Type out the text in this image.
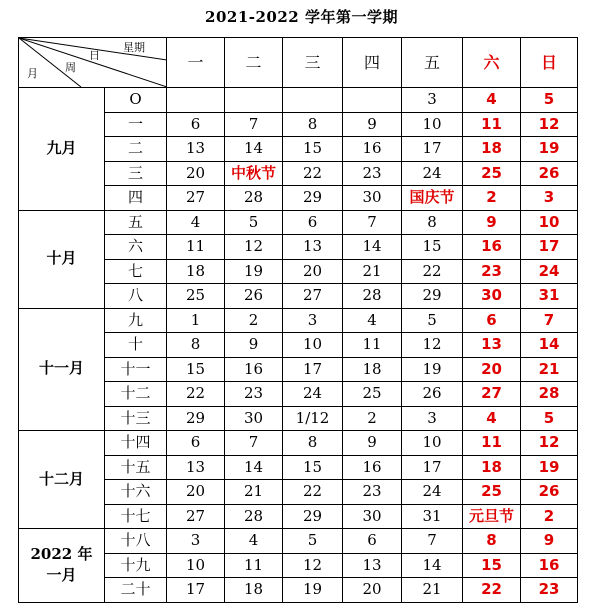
2021-2022 学年第一学期
星期
日
周
月		一	二	三	四	五	六	日
九月	O					3	4	5
	一	6	7	8	9	10	11	12
	二	13	14	15	16	17	18	19
	三	20	中秋节	22	23	24	25	26
	四	27	28	29	30	国庆节	2	3
十月	五	4	5	6	7	8	9	10
	六	11	12	13	14	15	16	17
	七	18	19	20	21	22	23	24
	八	25	26	27	28	29	30	31
十一月	九	1	2	3	4	5	6	7
	十	8	9	10	11	12	13	14
	十一	15	16	17	18	19	20	21
	十二	22	23	24	25	26	27	28
	十三	29	30	1/12	2	3	4	5
十二月	十四	6	7	8	9	10	11	12
	十五	13	14	15	16	17	18	19
	十六	20	21	22	23	24	25	26
	十七	27	28	29	30	31	元旦节	2
2022 年
一月	十八	3	4	5	6	7	8	9
	十九	10	11	12	13	14	15	16
	二十	17	18	19	20	21	22	23
